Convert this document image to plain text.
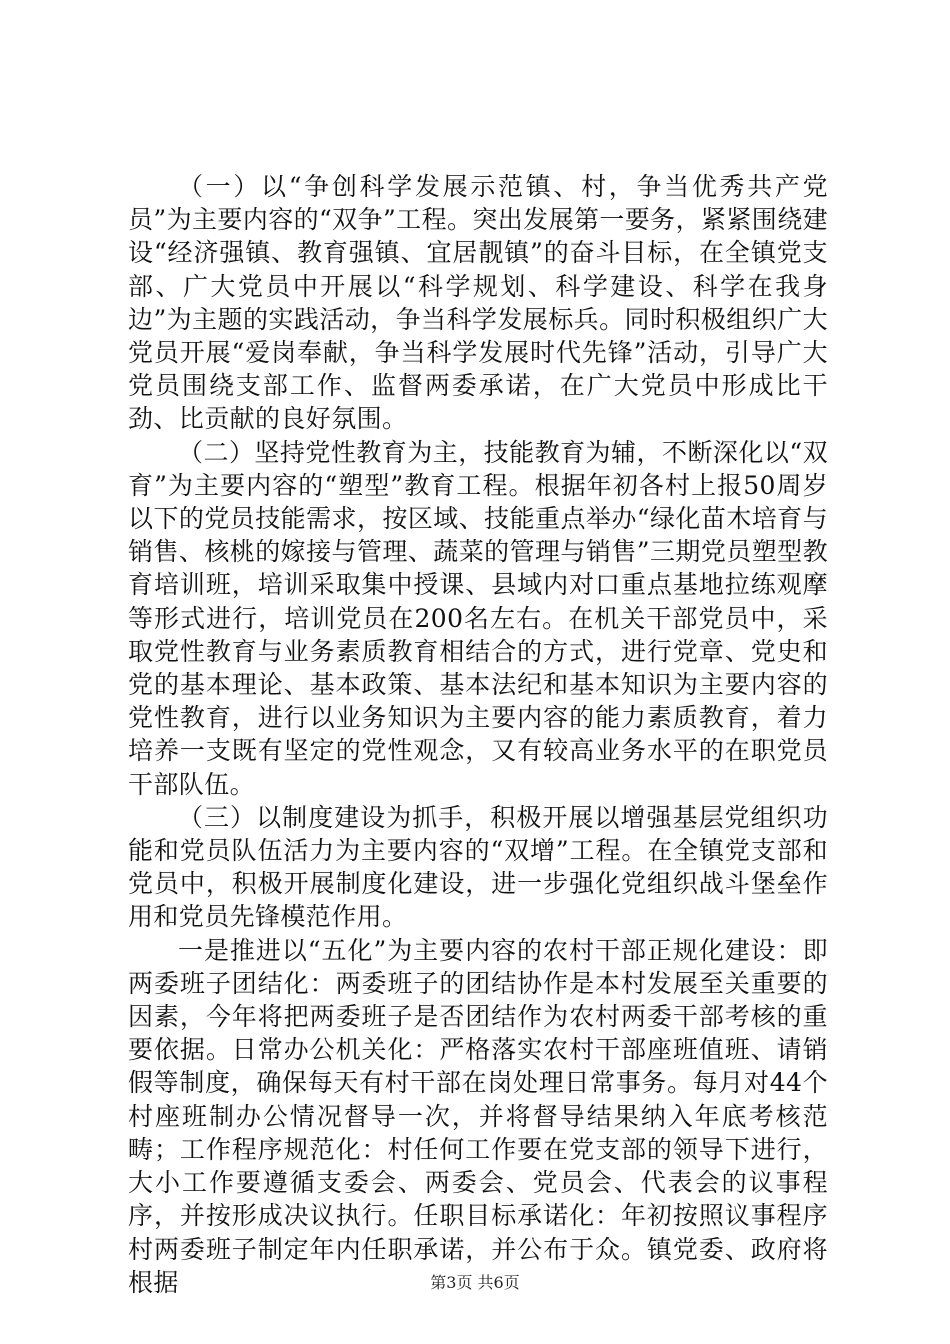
（一）以“争创科学发展示范镇、村，争当优秀共产党员”为主要内容的“双争”工程。突出发展第一要务，紧紧围绕建设“经济强镇、教育强镇、宜居靓镇”的奋斗目标，在全镇党支部、广大党员中开展以“科学规划、科学建设、科学在我身边”为主题的实践活动，争当科学发展标兵。同时积极组织广大党员开展“爱岗奉献，争当科学发展时代先锋”活动，引导广大党员围绕支部工作、监督两委承诺，在广大党员中形成比干劲、比贡献的良好氛围。

（二）坚持党性教育为主，技能教育为辅，不断深化以“双育”为主要内容的“塑型”教育工程。根据年初各村上报50周岁以下的党员技能需求，按区域、技能重点举办“绿化苗木培育与销售、核桃的嫁接与管理、蔬菜的管理与销售”三期党员塑型教育培训班，培训采取集中授课、县域内对口重点基地拉练观摩等形式进行，培训党员在200名左右。在机关干部党员中，采取党性教育与业务素质教育相结合的方式，进行党章、党史和党的基本理论、基本政策、基本法纪和基本知识为主要内容的党性教育，进行以业务知识为主要内容的能力素质教育，着力培养一支既有坚定的党性观念，又有较高业务水平的在职党员干部队伍。

（三）以制度建设为抓手，积极开展以增强基层党组织功能和党员队伍活力为主要内容的“双增”工程。在全镇党支部和党员中，积极开展制度化建设，进一步强化党组织战斗堡垒作用和党员先锋模范作用。

一是推进以“五化”为主要内容的农村干部正规化建设：即两委班子团结化：两委班子的团结协作是本村发展至关重要的因素，今年将把两委班子是否团结作为农村两委干部考核的重要依据。日常办公机关化：严格落实农村干部座班值班、请销假等制度，确保每天有村干部在岗处理日常事务。每月对44个村座班制办公情况督导一次，并将督导结果纳入年底考核范畴；工作程序规范化：村任何工作要在党支部的领导下进行，大小工作要遵循支委会、两委会、党员会、代表会的议事程序，并按形成决议执行。任职目标承诺化：年初按照议事程序村两委班子制定年内任职承诺，并公布于众。镇党委、政府将根据	第3页 共6页
